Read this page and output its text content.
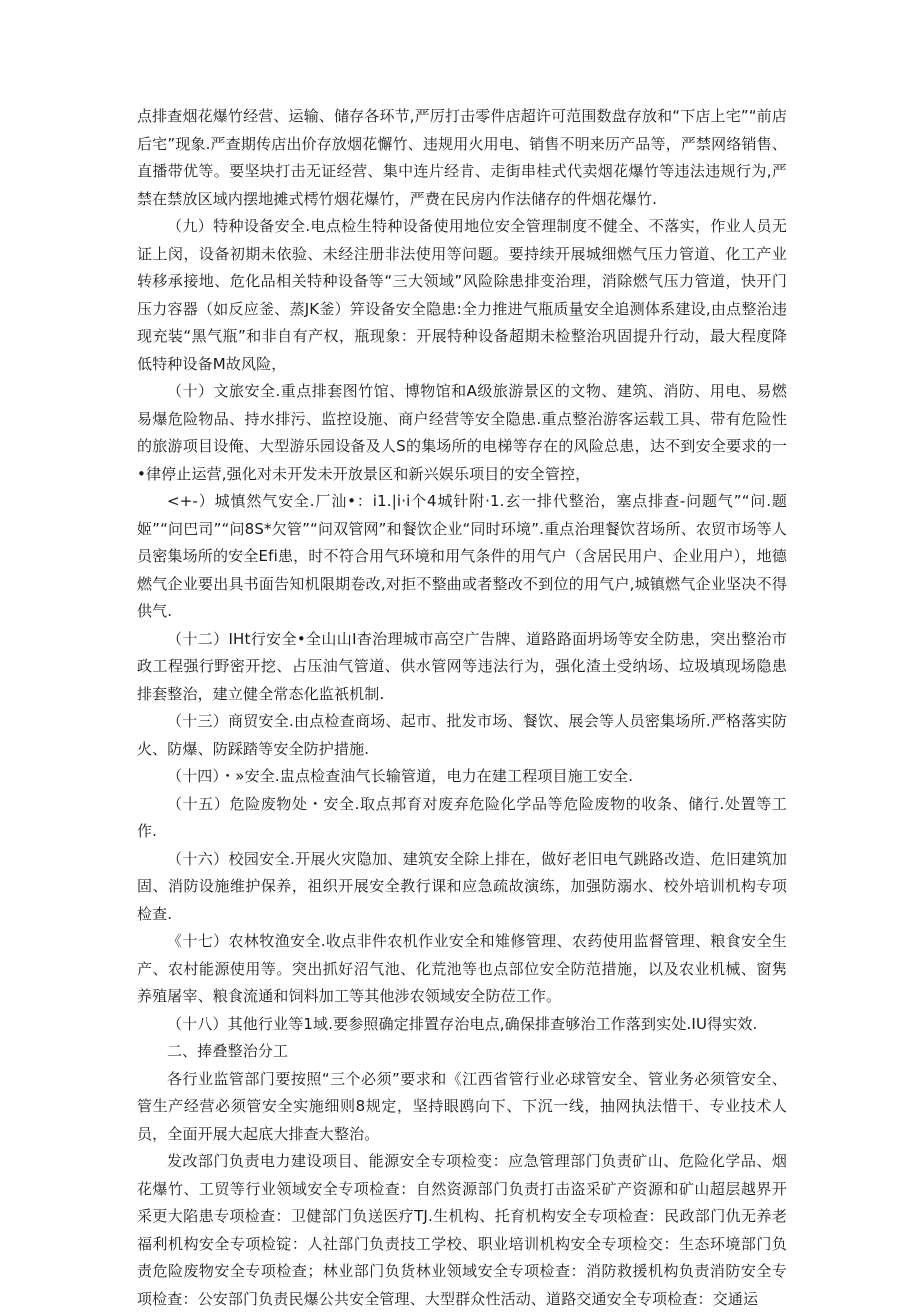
点排查烟花爆竹经营、运输、储存各环节,严厉打击零件店超许可范围数盘存放和“下店上宅”“前店后宅”现象.严查期传店出价存放烟花懈竹、违规用火用电、销售不明来历产品等，严禁网络销售、直播带优等。要坚块打击无证经营、集中连片经肯、走街串桂式代卖烟花爆竹等违法违规行为,严禁在禁放区域内摆地摊式樗竹烟花爆竹，严费在民房内作法储存的件烟花爆竹.

（九）特种设备安全.电点检生特种设备使用地位安全管理制度不健全、不落实，作业人员无证上闵，设备初期未依验、未经注册非法使用等问题。要持续开展城细燃气压力管道、化工产业转移承接地、危化品相关特种设备等“三大领域”风险除患排变治理，消除燃气压力管道，快开门压力容器（如反应釜、蒸JK釜）笄设备安全隐患:全力推进气瓶质量安全追测体系建设,由点整治违现充装“黑气瓶”和非自有产权，瓶现象：开展特种设备超期未检整治巩固提升行动，最大程度降低特种设备M故风险，

（十）文旅安全.重点排套图竹馆、博物馆和A级旅游景区的文物、建筑、消防、用电、易燃易爆危险物品、持水排污、监控设施、商户经营等安全隐患.重点整治游客运载工具、带有危险性的旅游项目设俺、大型游乐园设备及人S的集场所的电梯等存在的风险总患，达不到安全要求的一•律停止运营,强化对未开发未开放景区和新兴娱乐项目的安全管控，

<+-）城慎然气安全.厂汕•：i1.|i·i个4城针附·1.玄一排代整治，塞点排查-问题气”“问.题姬”“问巴司”“问8S*欠管”“问双管网”和餐饮企业“同时环境”.重点治理餐饮苕场所、农贸市场等人员密集场所的安全Efi患，时不符合用气环境和用气条件的用气户（含居民用户、企业用户），地德燃气企业要出具书面告知机限期卷改,对拒不整曲或者整改不到位的用气户,城镇燃气企业坚决不得供气.

（十二）IHt行安全•全山山I杳治理城市高空广告牌、道路路面坍场等安全防患，突出整治市政工程强行野密开挖、占压油气管道、供水管网等违法行为，强化渣土受纳场、垃圾填现场隐患排套整治，建立健全常态化监祇机制.

（十三）商贸安全.由点检查商场、起市、批发市场、餐饮、展会等人员密集场所.严格落实防火、防爆、防踩踏等安全防护措施.

（十四）・»安全.盅点检查油气长输管道，电力在建工程项目施工安全.

（十五）危险废物处・安全.取点邦育对废弃危险化学品等危险废物的收条、储行.处置等工作.

（十六）校园安全.开展火灾隐加、建筑安全除上排在，做好老旧电气跳路改造、危旧建筑加固、消防设施维护保养，祖织开展安全教行课和应急疏故演练，加强防溺水、校外培训机构专项检查.

《十七）农林牧渔安全.收点非件农机作业安全和雉修管理、农药使用监督管理、粮食安全生产、农村能源使用等。突出抓好沼气池、化荒池等也点部位安全防范措施，以及农业机械、窗隽养殖屠宰、粮食流通和饲料加工等其他涉农领域安全防莅工作。

（十八）其他行业等1域.要参照确定排置存治电点,确保排查够治工作落到实处.IU得实效.

二、捧叠整治分工

各行业监管部门要按照“三个必须”要求和《江西省管行业必球管安全、管业务必须管安全、管生产经营必须管安全实施细则8规定，坚持眼鸥向下、下沉一线，抽网执法惜干、专业技术人员，全面开展大起底大排查大整治。

发改部门负责电力建设项目、能源安全专项检变：应急管理部门负责矿山、危险化学品、烟花爆竹、工贸等行业领域安全专项检查：自然资源部门负责打击盗采矿产资源和矿山超层越界开采更大陷患专项检查：卫健部门负送医疗TJ.生机构、托育机构安全专项检查：民政部门仇无养老福利机构安全专项检锭：人社部门负责技工学校、职业培训机构安全专项检交：生态环境部门负责危险废物安全专项检查；林业部门负货林业领域安全专项检查：消防救援机构负责消防安全专项检查：公安部门负责民爆公共安全管理、大型群众性活动、道路交通安全专项检查：交通运
